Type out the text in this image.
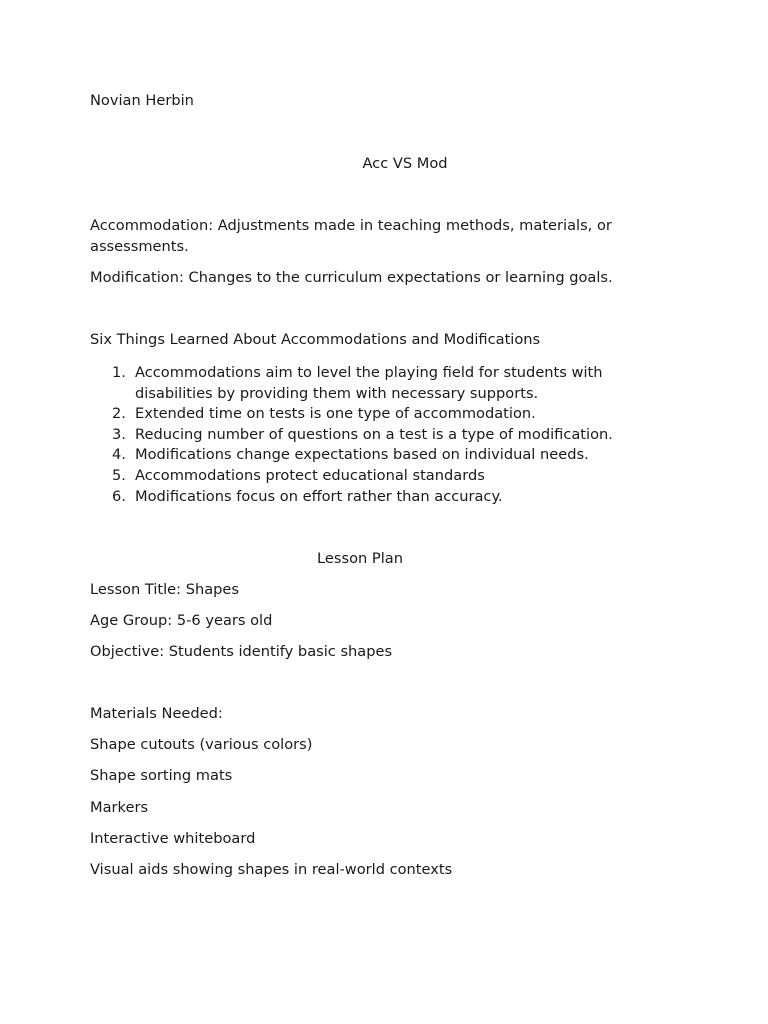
Novian Herbin
Acc VS Mod
Accommodation: Adjustments made in teaching methods, materials, or assessments.
Modification: Changes to the curriculum expectations or learning goals.
Six Things Learned About Accommodations and Modifications
1. Accommodations aim to level the playing field for students with disabilities by providing them with necessary supports.
2. Extended time on tests is one type of accommodation.
3. Reducing number of questions on a test is a type of modification.
4. Modifications change expectations based on individual needs.
5. Accommodations protect educational standards
6. Modifications focus on effort rather than accuracy.
Lesson Plan
Lesson Title: Shapes
Age Group: 5-6 years old
Objective: Students identify basic shapes
Materials Needed:
Shape cutouts (various colors)
Shape sorting mats
Markers
Interactive whiteboard
Visual aids showing shapes in real-world contexts
